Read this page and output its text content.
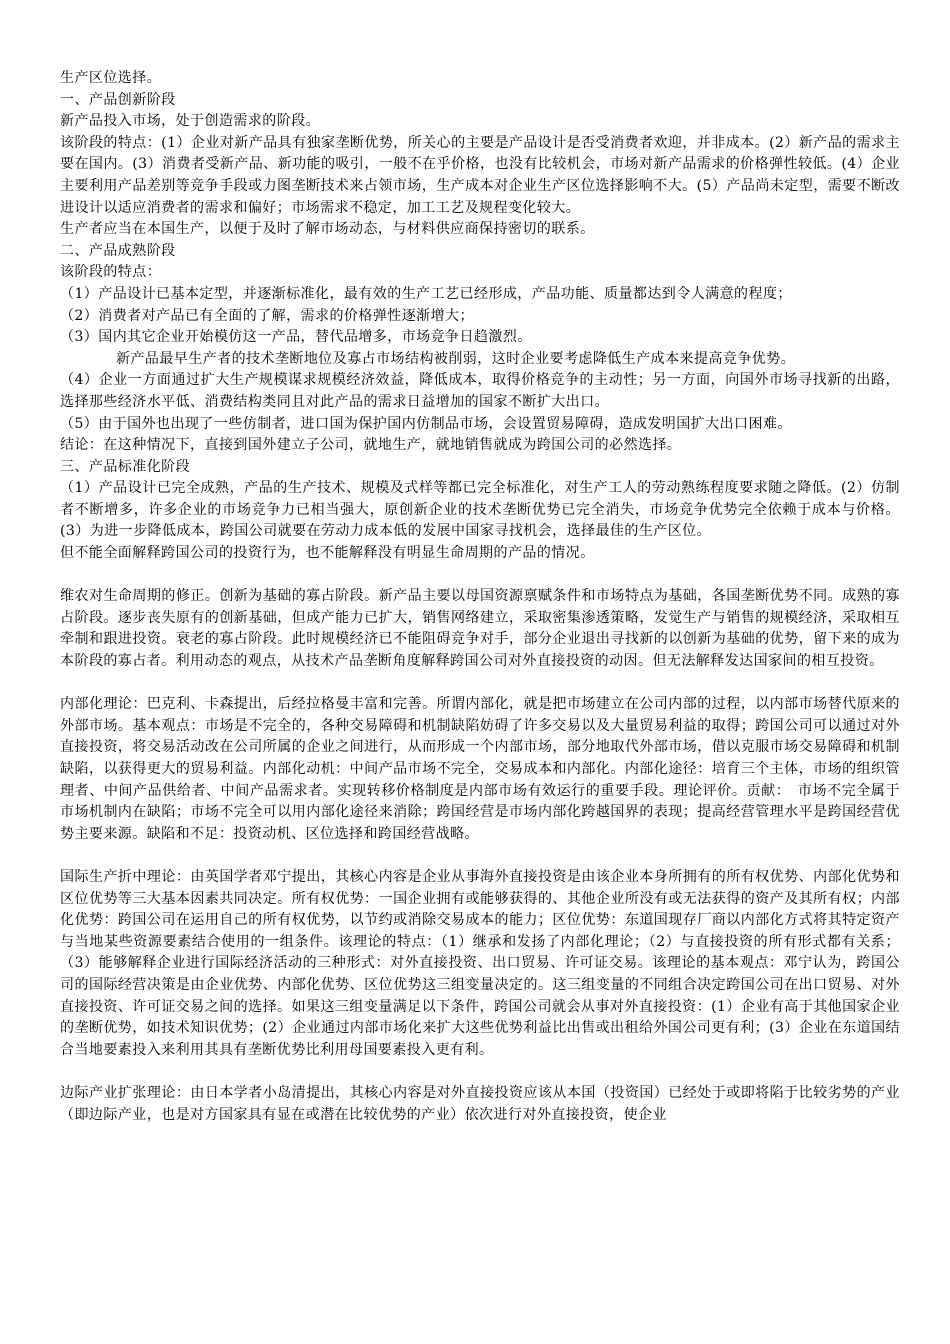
生产区位选择。

一、产品创新阶段

新产品投入市场，处于创造需求的阶段。

该阶段的特点：(1）企业对新产品具有独家垄断优势，所关心的主要是产品设计是否受消费者欢迎，并非成本。(2）新产品的需求主要在国内。(3）消费者受新产品、新功能的吸引，一般不在乎价格，也没有比较机会，市场对新产品需求的价格弹性较低。(4）企业主要利用产品差别等竞争手段或力图垄断技术来占领市场，生产成本对企业生产区位选择影响不大。(5）产品尚未定型，需要不断改进设计以适应消费者的需求和偏好；市场需求不稳定，加工工艺及规程变化较大。

生产者应当在本国生产，以便于及时了解市场动态，与材料供应商保持密切的联系。

二、产品成熟阶段

该阶段的特点：

（1）产品设计已基本定型，并逐渐标准化，最有效的生产工艺已经形成，产品功能、质量都达到令人满意的程度；

（2）消费者对产品已有全面的了解，需求的价格弹性逐渐增大；

（3）国内其它企业开始模仿这一产品，替代品增多，市场竞争日趋激烈。

新产品最早生产者的技术垄断地位及寡占市场结构被削弱，这时企业要考虑降低生产成本来提高竞争优势。

（4）企业一方面通过扩大生产规模谋求规模经济效益，降低成本，取得价格竞争的主动性；另一方面，向国外市场寻找新的出路，选择那些经济水平低、消费结构类同且对此产品的需求日益增加的国家不断扩大出口。

（5）由于国外也出现了一些仿制者，进口国为保护国内仿制品市场，会设置贸易障碍，造成发明国扩大出口困难。

结论：在这种情况下，直接到国外建立子公司，就地生产，就地销售就成为跨国公司的必然选择。

三、产品标准化阶段

（1）产品设计已完全成熟，产品的生产技术、规模及式样等都已完全标准化，对生产工人的劳动熟练程度要求随之降低。(2）仿制者不断增多，许多企业的市场竞争力已相当强大，原创新企业的技术垄断优势已完全消失，市场竞争优势完全依赖于成本与价格。(3）为进一步降低成本，跨国公司就要在劳动力成本低的发展中国家寻找机会，选择最佳的生产区位。

但不能全面解释跨国公司的投资行为，也不能解释没有明显生命周期的产品的情况。

维农对生命周期的修正。创新为基础的寡占阶段。新产品主要以母国资源禀赋条件和市场特点为基础，各国垄断优势不同。成熟的寡占阶段。逐步丧失原有的创新基础，但成产能力已扩大，销售网络建立，采取密集渗透策略，发觉生产与销售的规模经济，采取相互牵制和跟进投资。衰老的寡占阶段。此时规模经济已不能阻碍竞争对手，部分企业退出寻找新的以创新为基础的优势，留下来的成为本阶段的寡占者。利用动态的观点，从技术产品垄断角度解释跨国公司对外直接投资的动因。但无法解释发达国家间的相互投资。

内部化理论：巴克利、卡森提出，后经拉格曼丰富和完善。所谓内部化，就是把市场建立在公司内部的过程，以内部市场替代原来的外部市场。基本观点：市场是不完全的，各种交易障碍和机制缺陷妨碍了许多交易以及大量贸易利益的取得；跨国公司可以通过对外直接投资，将交易活动改在公司所属的企业之间进行，从而形成一个内部市场，部分地取代外部市场，借以克服市场交易障碍和机制缺陷，以获得更大的贸易利益。内部化动机：中间产品市场不完全，交易成本和内部化。内部化途径：培育三个主体，市场的组织管理者、中间产品供给者、中间产品需求者。实现转移价格制度是内部市场有效运行的重要手段。理论评价。贡献：　市场不完全属于市场机制内在缺陷；市场不完全可以用内部化途径来消除；跨国经营是市场内部化跨越国界的表现；提高经营管理水平是跨国经营优势主要来源。缺陷和不足：投资动机、区位选择和跨国经营战略。

国际生产折中理论：由英国学者邓宁提出，其核心内容是企业从事海外直接投资是由该企业本身所拥有的所有权优势、内部化优势和区位优势等三大基本因素共同决定。所有权优势：一国企业拥有或能够获得的、其他企业所没有或无法获得的资产及其所有权；内部化优势：跨国公司在运用自己的所有权优势，以节约或消除交易成本的能力；区位优势：东道国现存厂商以内部化方式将其特定资产与当地某些资源要素结合使用的一组条件。该理论的特点：（1）继承和发扬了内部化理论；（2）与直接投资的所有形式都有关系；（3）能够解释企业进行国际经济活动的三种形式：对外直接投资、出口贸易、许可证交易。该理论的基本观点：邓宁认为，跨国公司的国际经营决策是由企业优势、内部化优势、区位优势这三组变量决定的。这三组变量的不同组合决定跨国公司在出口贸易、对外直接投资、许可证交易之间的选择。如果这三组变量满足以下条件，跨国公司就会从事对外直接投资：(1）企业有高于其他国家企业的垄断优势，如技术知识优势；(2）企业通过内部市场化来扩大这些优势利益比出售或出租给外国公司更有利；(3）企业在东道国结合当地要素投入来利用其具有垄断优势比利用母国要素投入更有利。

边际产业扩张理论：由日本学者小岛清提出，其核心内容是对外直接投资应该从本国（投资国）已经处于或即将陷于比较劣势的产业（即边际产业，也是对方国家具有显在或潜在比较优势的产业）依次进行对外直接投资，使企业
